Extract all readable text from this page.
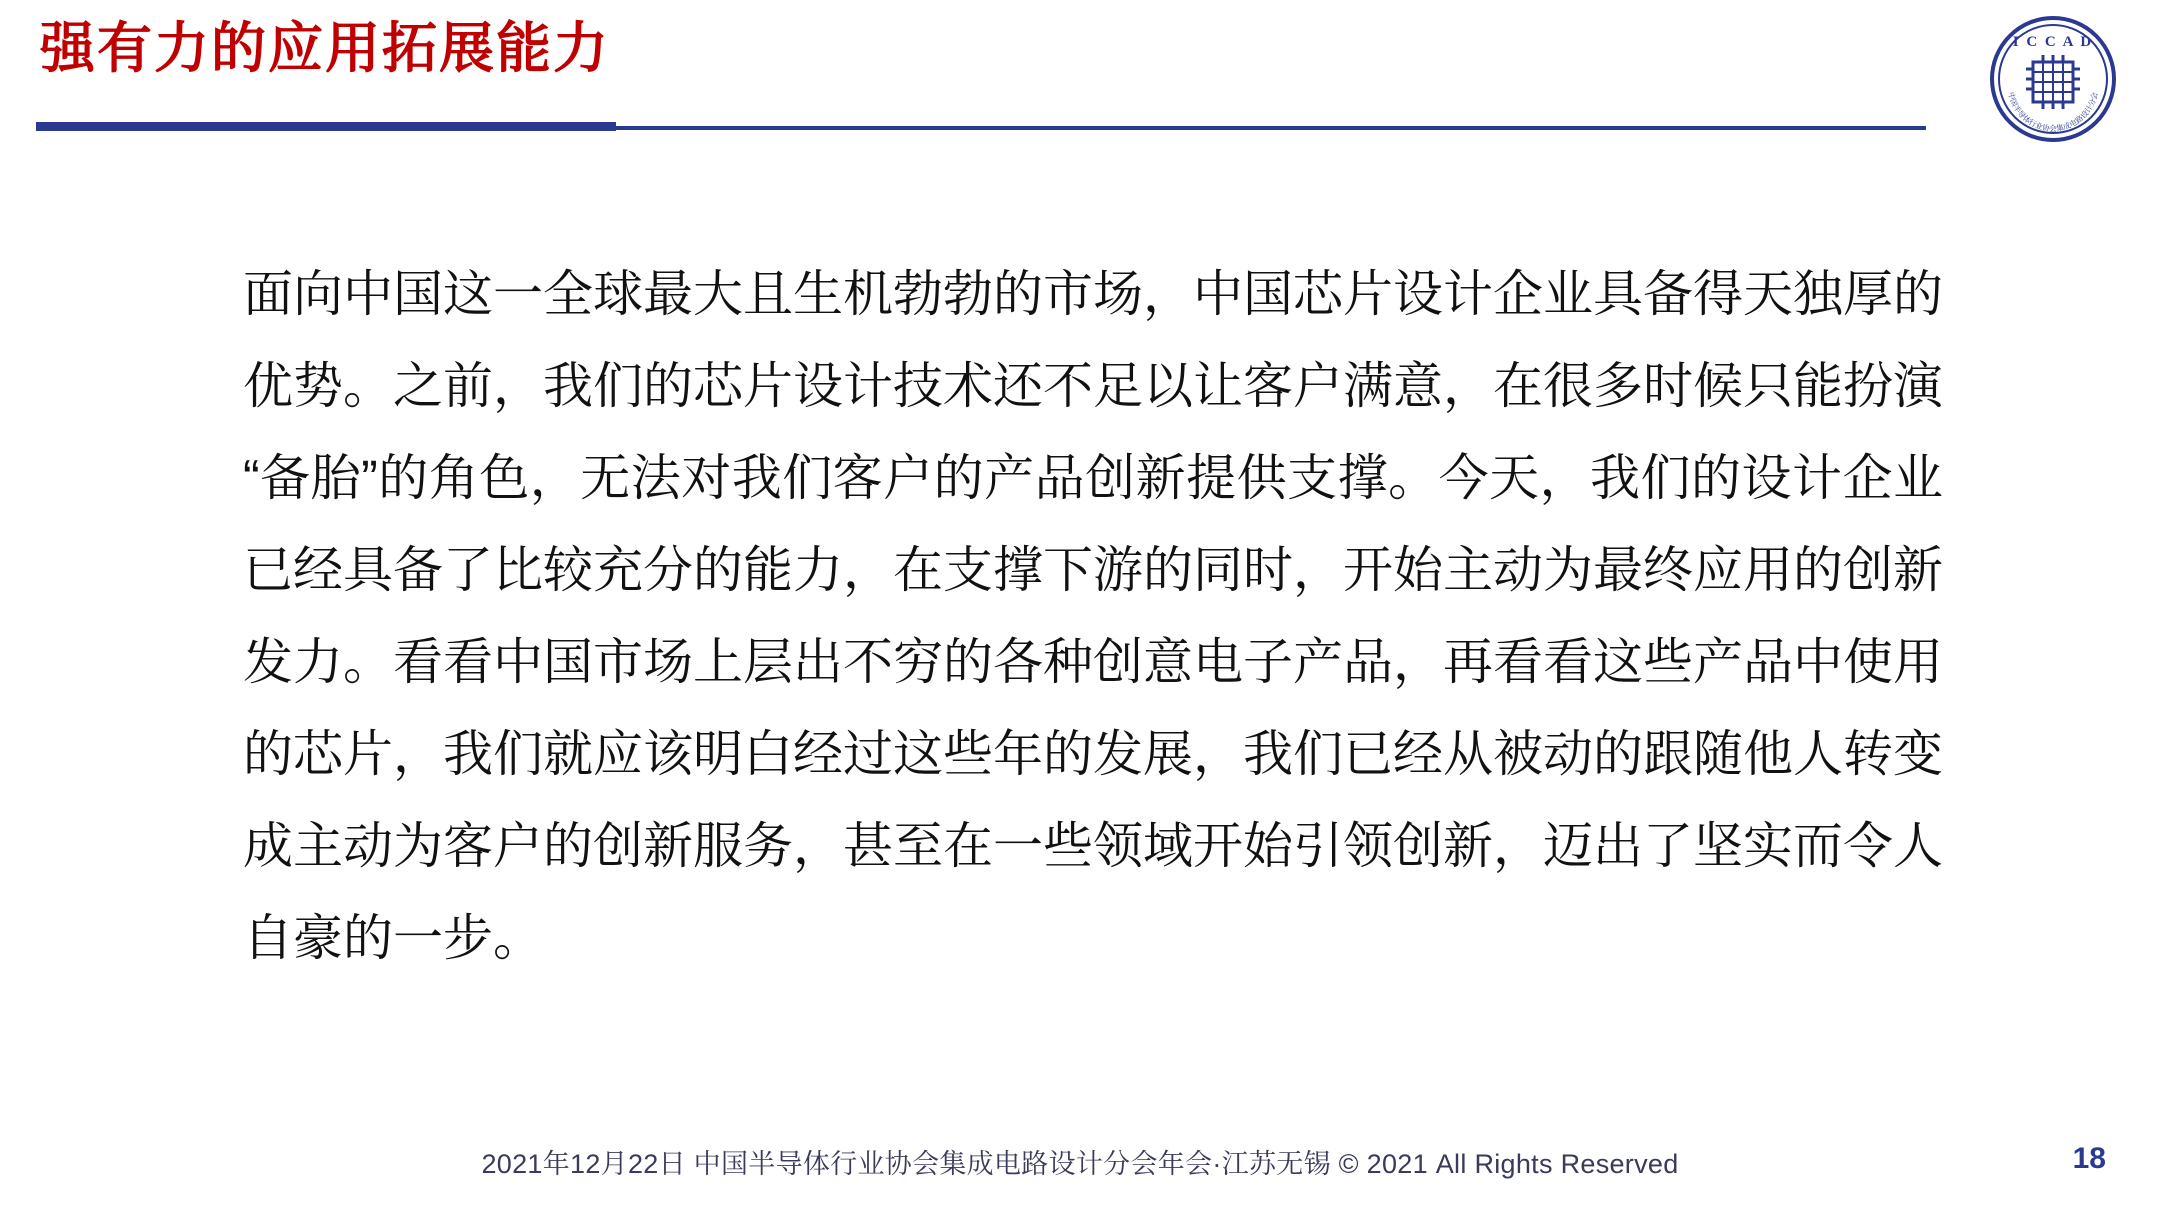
强有力的应用拓展能力	I C C A D
中国半导体行业协会集成电路设计分会
面向中国这一全球最大且生机勃勃的市场，中国芯片设计企业具备得天独厚的优势。之前，我们的芯片设计技术还不足以让客户满意，在很多时候只能扮演“备胎”的角色，无法对我们客户的产品创新提供支撑。今天，我们的设计企业已经具备了比较充分的能力，在支撑下游的同时，开始主动为最终应用的创新发力。看看中国市场上层出不穷的各种创意电子产品，再看看这些产品中使用的芯片，我们就应该明白经过这些年的发展，我们已经从被动的跟随他人转变成主动为客户的创新服务，甚至在一些领域开始引领创新，迈出了坚实而令人自豪的一步。
2021年12月22日 中国半导体行业协会集成电路设计分会年会·江苏无锡 © 2021 All Rights Reserved	18
